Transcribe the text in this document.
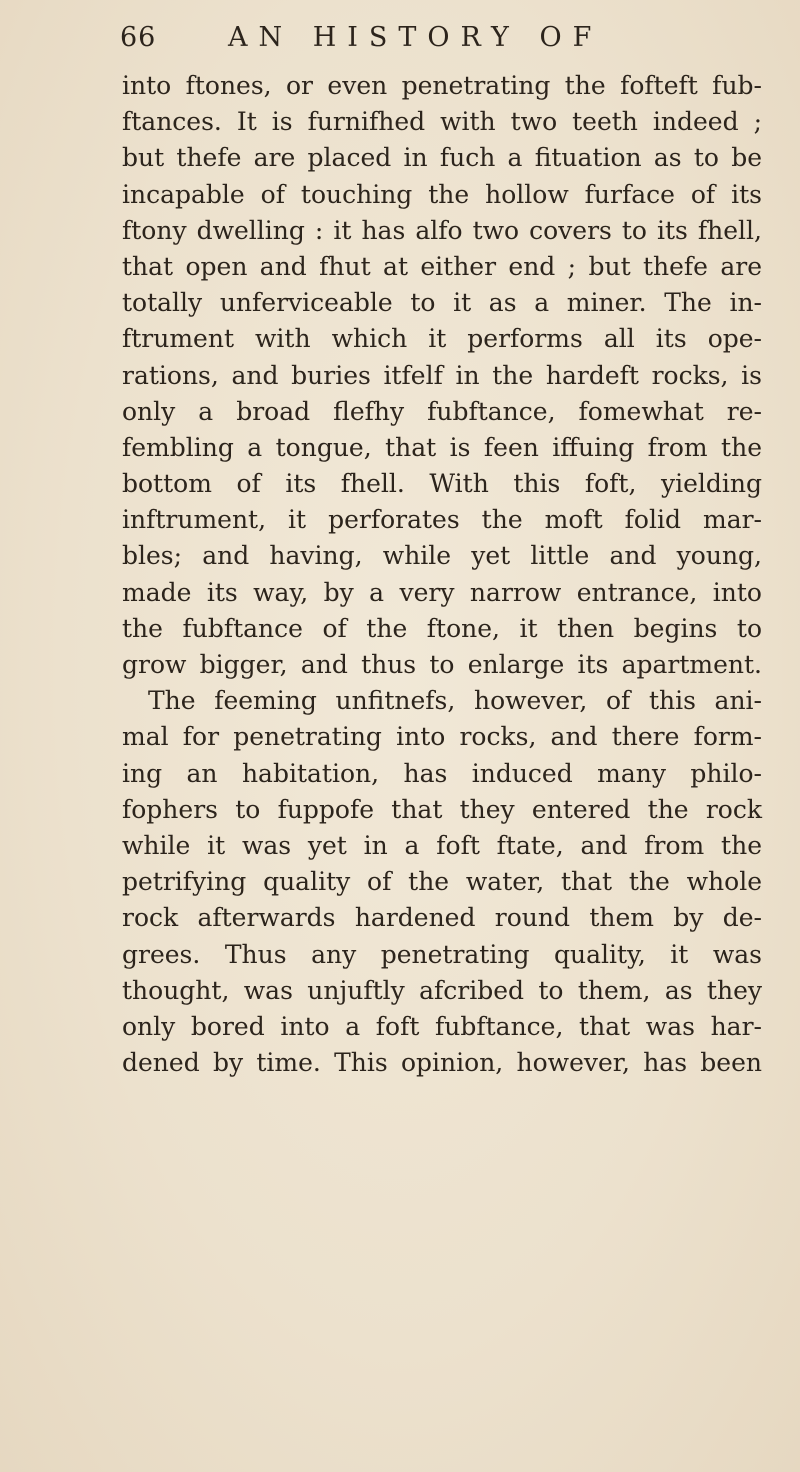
66	AN HISTORY OF
into ftones, or even penetrating the fofteft fub-
ftances. It is furnifhed with two teeth indeed ;
but thefe are placed in fuch a fituation as to be
incapable of touching the hollow furface of its
ftony dwelling : it has alfo two covers to its fhell,
that open and fhut at either end ; but thefe are
totally unferviceable to it as a miner. The in-
ftrument with which it performs all its ope-
rations, and buries itfelf in the hardeft rocks, is
only a broad flefhy fubftance, fomewhat re-
fembling a tongue, that is feen iffuing from the
bottom of its fhell. With this foft, yielding
inftrument, it perforates the moft folid mar-
bles; and having, while yet little and young,
made its way, by a very narrow entrance, into
the fubftance of the ftone, it then begins to
grow bigger, and thus to enlarge its apartment.
The feeming unfitnefs, however, of this ani-
mal for penetrating into rocks, and there form-
ing an habitation, has induced many philo-
fophers to fuppofe that they entered the rock
while it was yet in a foft ftate, and from the
petrifying quality of the water, that the whole
rock afterwards hardened round them by de-
grees. Thus any penetrating quality, it was
thought, was unjuftly afcribed to them, as they
only bored into a foft fubftance, that was har-
dened by time. This opinion, however, has been
